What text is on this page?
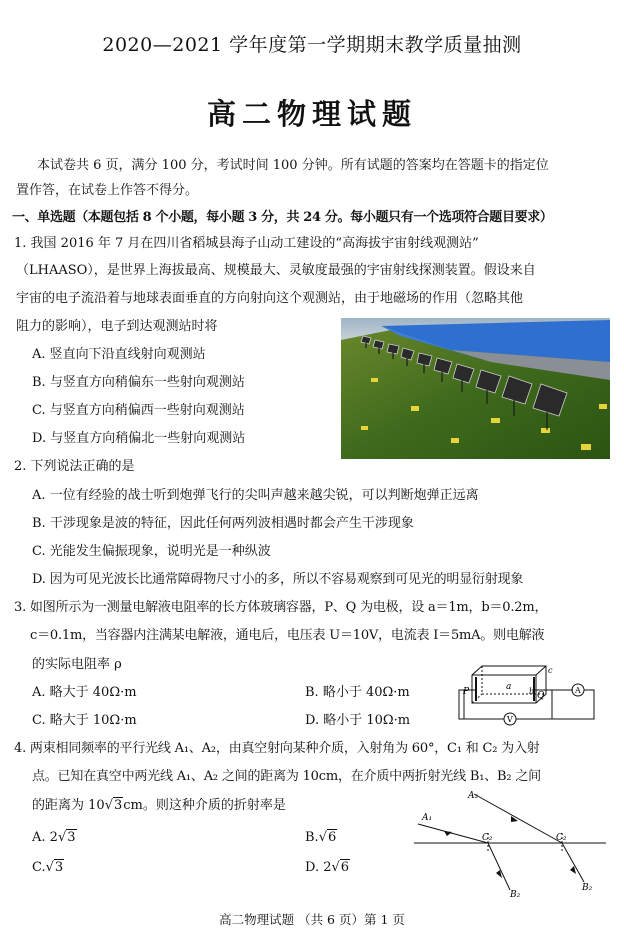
2020—2021 学年度第一学期期末教学质量抽测
高二物理试题
本试卷共 6 页，满分 100 分，考试时间 100 分钟。所有试题的答案均在答题卡的指定位
置作答，在试卷上作答不得分。
一、单选题（本题包括 8 个小题，每小题 3 分，共 24 分。每小题只有一个选项符合题目要求）
1. 我国 2016 年 7 月在四川省稻城县海子山动工建设的“高海拔宇宙射线观测站”
（LHAASO），是世界上海拔最高、规模最大、灵敏度最强的宇宙射线探测装置。假设来自
宇宙的电子流沿着与地球表面垂直的方向射向这个观测站，由于地磁场的作用（忽略其他
阻力的影响），电子到达观测站时将
A. 竖直向下沿直线射向观测站
B. 与竖直方向稍偏东一些射向观测站
C. 与竖直方向稍偏西一些射向观测站
D. 与竖直方向稍偏北一些射向观测站
2. 下列说法正确的是
A. 一位有经验的战士听到炮弹飞行的尖叫声越来越尖锐，可以判断炮弹正远离
B. 干涉现象是波的特征，因此任何两列波相遇时都会产生干涉现象
C. 光能发生偏振现象，说明光是一种纵波
D. 因为可见光波长比通常障碍物尺寸小的多，所以不容易观察到可见光的明显衍射现象
3. 如图所示为一测量电解液电阻率的长方体玻璃容器，P、Q 为电极，设 a＝1m，b＝0.2m，
c＝0.1m，当容器内注满某电解液，通电后，电压表 U＝10V，电流表 I＝5mA。则电解液
的实际电阻率 ρ
A. 略大于 40Ω·m	B. 略小于 40Ω·m
C. 略大于 10Ω·m	D. 略小于 10Ω·m
P	Q
a b
c
A
V
4. 两束相同频率的平行光线 A₁、A₂，由真空射向某种介质，入射角为 60°，C₁ 和 C₂ 为入射
点。已知在真空中两光线 A₁、A₂ 之间的距离为 10cm，在介质中两折射光线 B₁、B₂ 之间
的距离为 10√3cm。则这种介质的折射率是
A. 2√3	B.√6
C.√3	D. 2√6
A₁
A₂
C₂	C₂
B₂
B₂
高二物理试题 （共 6 页）第 1 页
